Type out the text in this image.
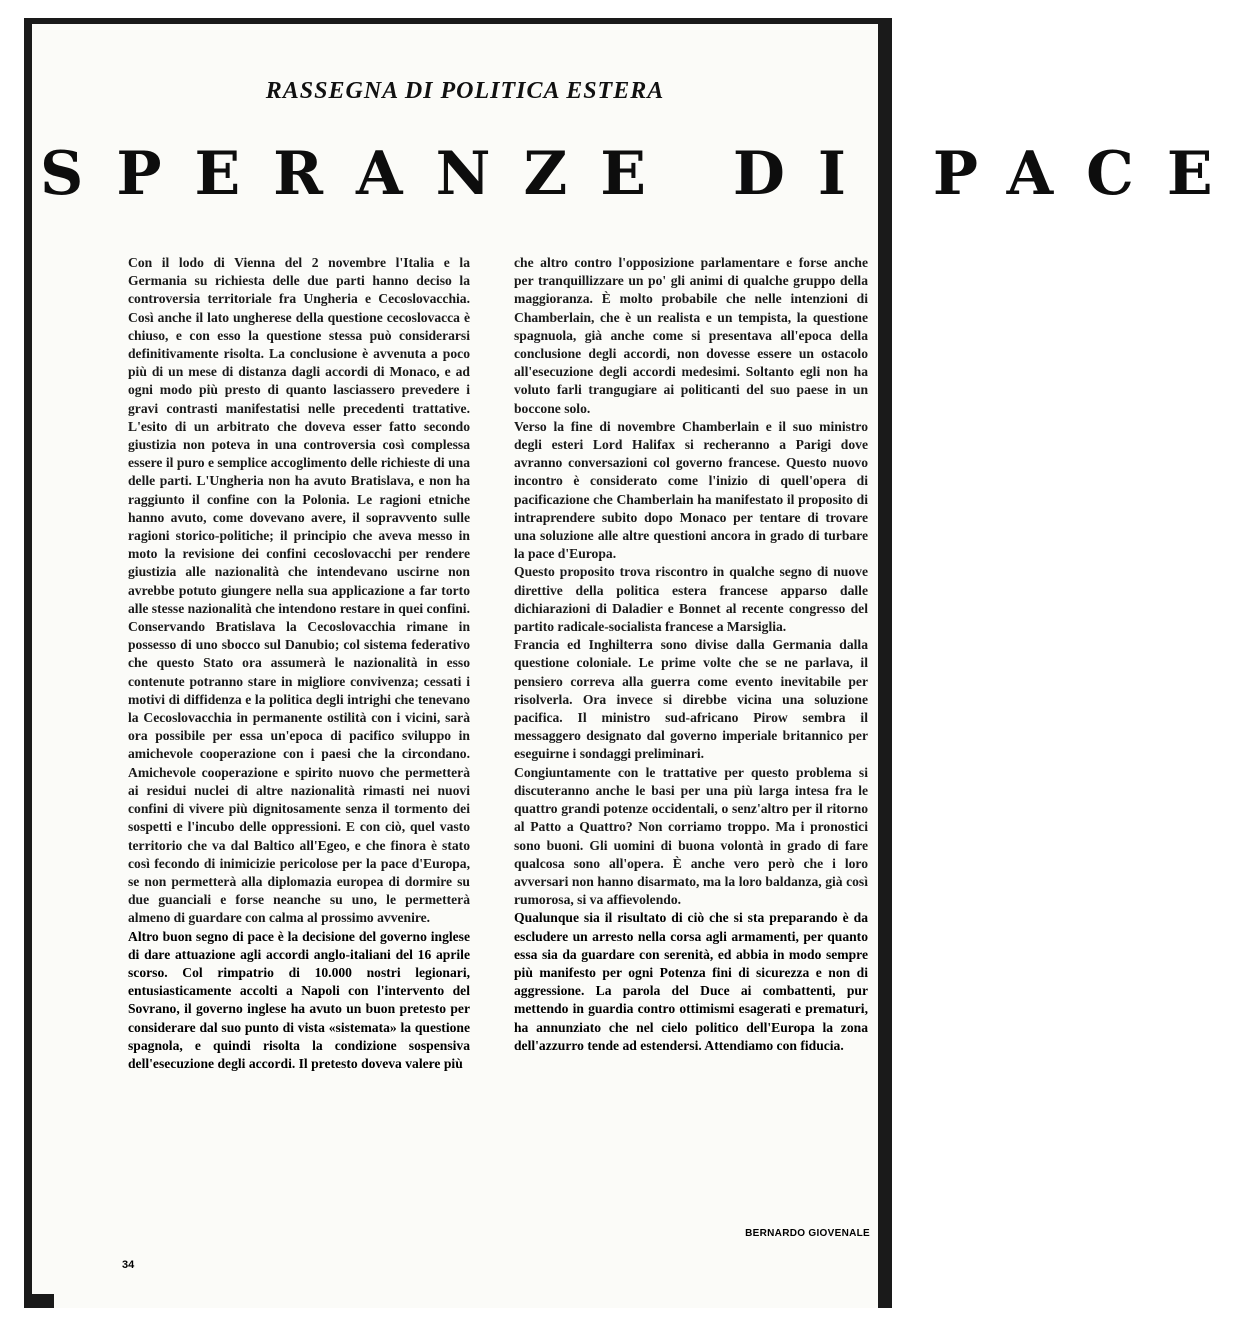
RASSEGNA DI POLITICA ESTERA
SPERANZE DI PACE

Con il lodo di Vienna del 2 novembre l'Italia e la Germania su richiesta delle due parti hanno deciso la controversia territoriale fra Ungheria e Cecoslovacchia. Così anche il lato ungherese della questione cecoslovacca è chiuso, e con esso la questione stessa può considerarsi definitivamente risolta. La conclusione è avvenuta a poco più di un mese di distanza dagli accordi di Monaco, e ad ogni modo più presto di quanto lasciassero prevedere i gravi contrasti manifestatisi nelle precedenti trattative. L'esito di un arbitrato che doveva esser fatto secondo giustizia non poteva in una controversia così complessa essere il puro e semplice accoglimento delle richieste di una delle parti. L'Ungheria non ha avuto Bratislava, e non ha raggiunto il confine con la Polonia. Le ragioni etniche hanno avuto, come dovevano avere, il sopravvento sulle ragioni storico-politiche; il principio che aveva messo in moto la revisione dei confini cecoslovacchi per rendere giustizia alle nazionalità che intendevano uscirne non avrebbe potuto giungere nella sua applicazione a far torto alle stesse nazionalità che intendono restare in quei confini.

Conservando Bratislava la Cecoslovacchia rimane in possesso di uno sbocco sul Danubio; col sistema federativo che questo Stato ora assumerà le nazionalità in esso contenute potranno stare in migliore convivenza; cessati i motivi di diffidenza e la politica degli intrighi che tenevano la Cecoslovacchia in permanente ostilità con i vicini, sarà ora possibile per essa un'epoca di pacifico sviluppo in amichevole cooperazione con i paesi che la circondano. Amichevole cooperazione e spirito nuovo che permetterà ai residui nuclei di altre nazionalità rimasti nei nuovi confini di vivere più dignitosamente senza il tormento dei sospetti e l'incubo delle oppressioni. E con ciò, quel vasto territorio che va dal Baltico all'Egeo, e che finora è stato così fecondo di inimicizie pericolose per la pace d'Europa, se non permetterà alla diplomazia europea di dormire su due guanciali e forse neanche su uno, le permetterà almeno di guardare con calma al prossimo avvenire.

Altro buon segno di pace è la decisione del governo inglese di dare attuazione agli accordi anglo-italiani del 16 aprile scorso. Col rimpatrio di 10.000 nostri legionari, entusiasticamente accolti a Napoli con l'intervento del Sovrano, il governo inglese ha avuto un buon pretesto per considerare dal suo punto di vista «sistemata» la questione spagnola, e quindi risolta la condizione sospensiva dell'esecuzione degli accordi. Il pretesto doveva valere più

che altro contro l'opposizione parlamentare e forse anche per tranquillizzare un po' gli animi di qualche gruppo della maggioranza. È molto probabile che nelle intenzioni di Chamberlain, che è un realista e un tempista, la questione spagnuola, già anche come si presentava all'epoca della conclusione degli accordi, non dovesse essere un ostacolo all'esecuzione degli accordi medesimi. Soltanto egli non ha voluto farli trangugiare ai politicanti del suo paese in un boccone solo.

Verso la fine di novembre Chamberlain e il suo ministro degli esteri Lord Halifax si recheranno a Parigi dove avranno conversazioni col governo francese. Questo nuovo incontro è considerato come l'inizio di quell'opera di pacificazione che Chamberlain ha manifestato il proposito di intraprendere subito dopo Monaco per tentare di trovare una soluzione alle altre questioni ancora in grado di turbare la pace d'Europa.

Questo proposito trova riscontro in qualche segno di nuove direttive della politica estera francese apparso dalle dichiarazioni di Daladier e Bonnet al recente congresso del partito radicale-socialista francese a Marsiglia.

Francia ed Inghilterra sono divise dalla Germania dalla questione coloniale. Le prime volte che se ne parlava, il pensiero correva alla guerra come evento inevitabile per risolverla. Ora invece si direbbe vicina una soluzione pacifica. Il ministro sud-africano Pirow sembra il messaggero designato dal governo imperiale britannico per eseguirne i sondaggi preliminari.

Congiuntamente con le trattative per questo problema si discuteranno anche le basi per una più larga intesa fra le quattro grandi potenze occidentali, o senz'altro per il ritorno al Patto a Quattro? Non corriamo troppo. Ma i pronostici sono buoni. Gli uomini di buona volontà in grado di fare qualcosa sono all'opera. È anche vero però che i loro avversari non hanno disarmato, ma la loro baldanza, già così rumorosa, si va affievolendo.

Qualunque sia il risultato di ciò che si sta preparando è da escludere un arresto nella corsa agli armamenti, per quanto essa sia da guardare con serenità, ed abbia in modo sempre più manifesto per ogni Potenza fini di sicurezza e non di aggressione. La parola del Duce ai combattenti, pur mettendo in guardia contro ottimismi esagerati e prematuri, ha annunziato che nel cielo politico dell'Europa la zona dell'azzurro tende ad estendersi. Attendiamo con fiducia.

BERNARDO GIOVENALE
34
